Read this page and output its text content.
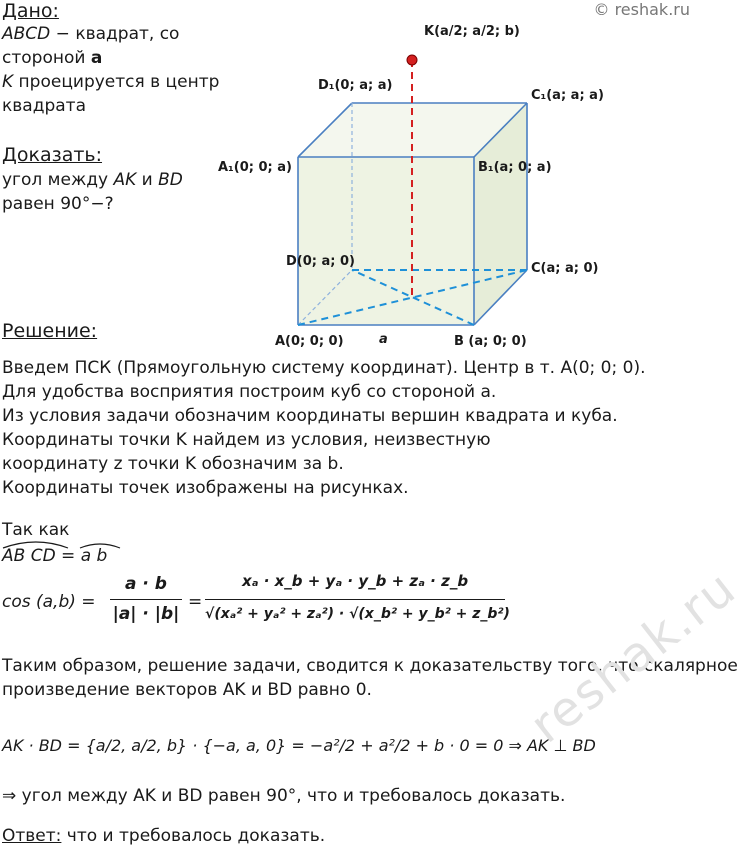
© reshak.ru
Дано:
ABCD − квадрат, со
стороной a
K проецируется в центр
квадрата
Доказать:
угол между AK и BD
равен 90°−?
K(a/2; a/2; b)
D₁(0; a; a)
C₁(a; a; a)
A₁(0; 0; a)	B₁(a; 0; a)
D(0; a; 0)	C(a; a; 0)
A(0; 0; 0)	B (a; 0; 0)
a
Решение:
Введем ПСК (Прямоугольную систему координат). Центр в т. A(0; 0; 0).
Для удобства восприятия построим куб со стороной a.
Из условия задачи обозначим координаты вершин квадрата и куба.
Координаты точки K найдем из условия, неизвестную
координату z точки K обозначим за b.
Координаты точек изображены на рисунках.
Так как
AB CD = a b
cos (a,b) =
a · b
|a| · |b|
=
xₐ · x_b + yₐ · y_b + zₐ · z_b
√(xₐ² + yₐ² + zₐ²) · √(x_b² + y_b² + z_b²)
Таким образом, решение задачи, сводится к доказательству того, что скалярное
произведение векторов AK и BD равно 0.
AK · BD = {a/2, a/2, b} · {−a, a, 0} = −a²/2 + a²/2 + b · 0 = 0 ⇒ AK ⊥ BD
reshak.ru
⇒ угол между AK и BD равен 90°, что и требовалось доказать.
Ответ: что и требовалось доказать.
